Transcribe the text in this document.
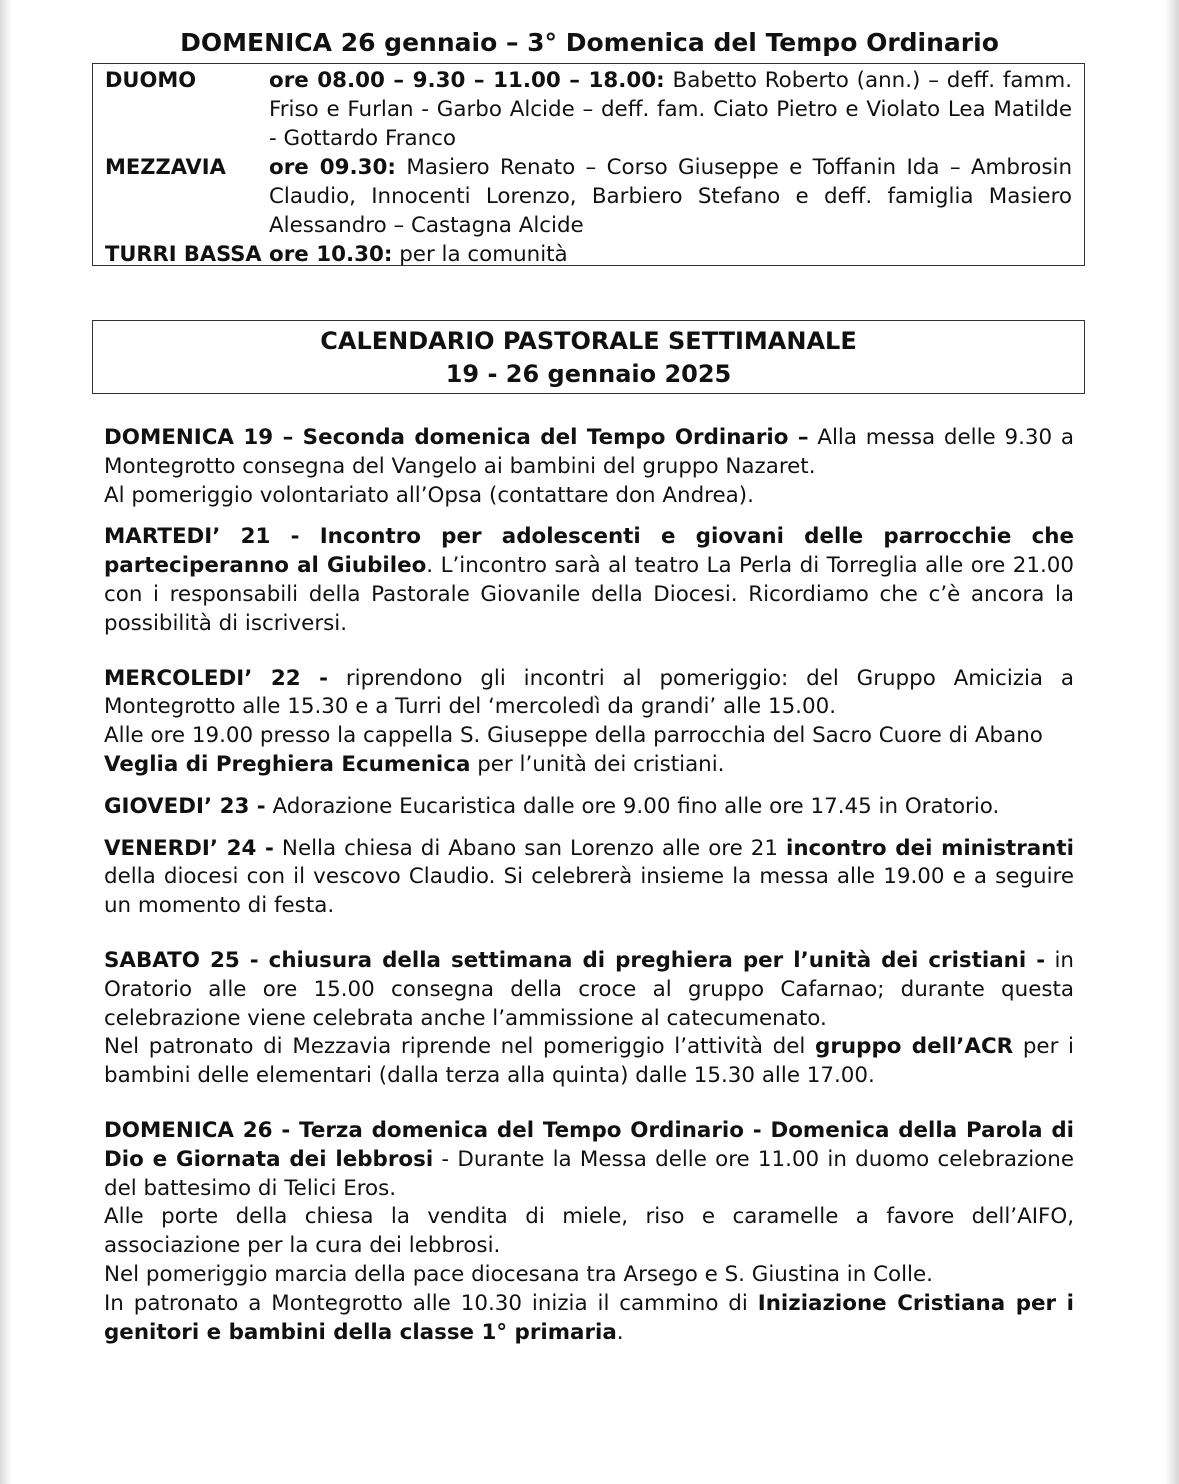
DOMENICA 26 gennaio – 3° Domenica del Tempo Ordinario
DUOMO	ore 08.00 – 9.30 – 11.00 – 18.00: Babetto Roberto (ann.) – deff. famm. Friso e Furlan - Garbo Alcide – deff. fam. Ciato Pietro e Violato Lea Matilde - Gottardo Franco
MEZZAVIA	ore 09.30: Masiero Renato – Corso Giuseppe e Toffanin Ida – Ambrosin Claudio, Innocenti Lorenzo, Barbiero Stefano e deff. famiglia Masiero Alessandro – Castagna Alcide
TURRI BASSA ore 10.30: per la comunità
CALENDARIO PASTORALE SETTIMANALE
19 - 26 gennaio 2025
DOMENICA 19 – Seconda domenica del Tempo Ordinario – Alla messa delle 9.30 a Montegrotto consegna del Vangelo ai bambini del gruppo Nazaret.
Al pomeriggio volontariato all’Opsa (contattare don Andrea).
MARTEDI’ 21 - Incontro per adolescenti e giovani delle parrocchie che parteciperanno al Giubileo. L’incontro sarà al teatro La Perla di Torreglia alle ore 21.00 con i responsabili della Pastorale Giovanile della Diocesi. Ricordiamo che c’è ancora la possibilità di iscriversi.
MERCOLEDI’ 22 - riprendono gli incontri al pomeriggio: del Gruppo Amicizia a Montegrotto alle 15.30 e a Turri del ‘mercoledì da grandi’ alle 15.00.
Alle ore 19.00 presso la cappella S. Giuseppe della parrocchia del Sacro Cuore di Abano
Veglia di Preghiera Ecumenica per l’unità dei cristiani.
GIOVEDI’ 23 - Adorazione Eucaristica dalle ore 9.00 fino alle ore 17.45 in Oratorio.
VENERDI’ 24 - Nella chiesa di Abano san Lorenzo alle ore 21 incontro dei ministranti della diocesi con il vescovo Claudio. Si celebrerà insieme la messa alle 19.00 e a seguire un momento di festa.
SABATO 25 - chiusura della settimana di preghiera per l’unità dei cristiani - in Oratorio alle ore 15.00 consegna della croce al gruppo Cafarnao; durante questa celebrazione viene celebrata anche l’ammissione al catecumenato.
Nel patronato di Mezzavia riprende nel pomeriggio l’attività del gruppo dell’ACR per i bambini delle elementari (dalla terza alla quinta) dalle 15.30 alle 17.00.
DOMENICA 26 - Terza domenica del Tempo Ordinario - Domenica della Parola di Dio e Giornata dei lebbrosi - Durante la Messa delle ore 11.00 in duomo celebrazione del battesimo di Telici Eros.
Alle porte della chiesa la vendita di miele, riso e caramelle a favore dell’AIFO, associazione per la cura dei lebbrosi.
Nel pomeriggio marcia della pace diocesana tra Arsego e S. Giustina in Colle.
In patronato a Montegrotto alle 10.30 inizia il cammino di Iniziazione Cristiana per i genitori e bambini della classe 1° primaria.
